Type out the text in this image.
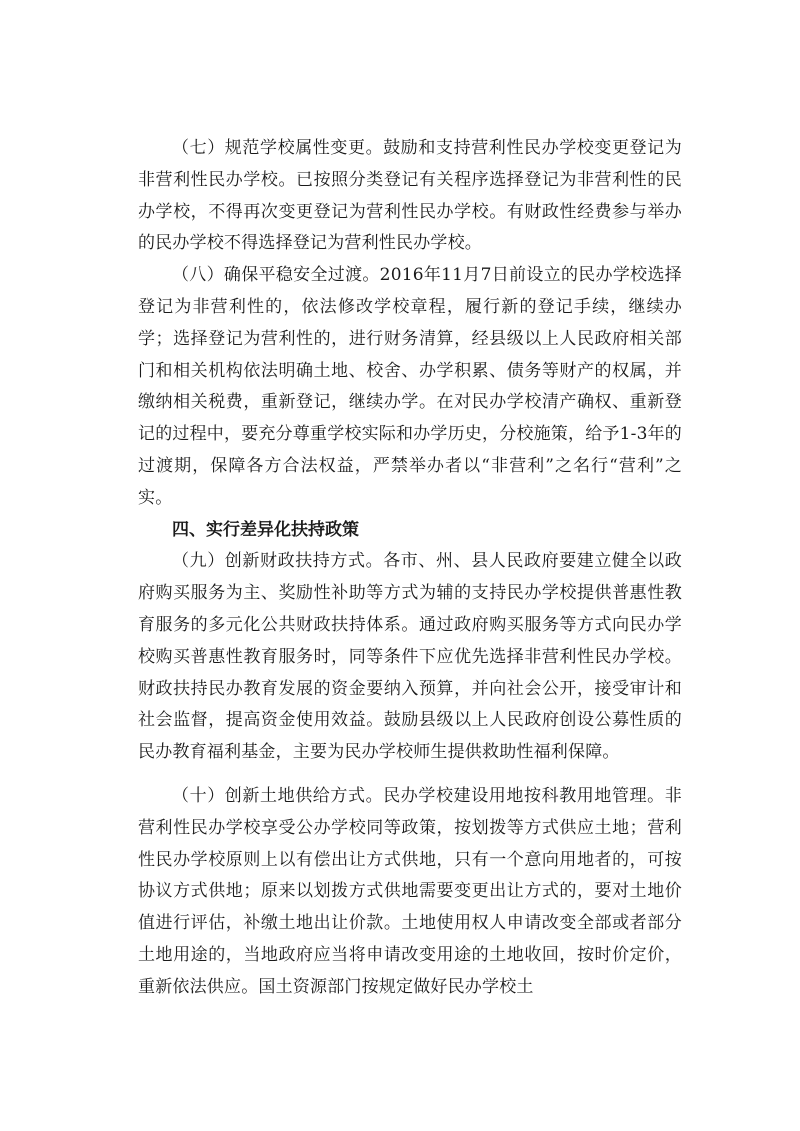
（七）规范学校属性变更。鼓励和支持营利性民办学校变更登记为非营利性民办学校。已按照分类登记有关程序选择登记为非营利性的民办学校，不得再次变更登记为营利性民办学校。有财政性经费参与举办的民办学校不得选择登记为营利性民办学校。

（八）确保平稳安全过渡。2016年11月7日前设立的民办学校选择登记为非营利性的，依法修改学校章程，履行新的登记手续，继续办学；选择登记为营利性的，进行财务清算，经县级以上人民政府相关部门和相关机构依法明确土地、校舍、办学积累、债务等财产的权属，并缴纳相关税费，重新登记，继续办学。在对民办学校清产确权、重新登记的过程中，要充分尊重学校实际和办学历史，分校施策，给予1-3年的过渡期，保障各方合法权益，严禁举办者以“非营利”之名行“营利”之实。

四、实行差异化扶持政策

（九）创新财政扶持方式。各市、州、县人民政府要建立健全以政府购买服务为主、奖励性补助等方式为辅的支持民办学校提供普惠性教育服务的多元化公共财政扶持体系。通过政府购买服务等方式向民办学校购买普惠性教育服务时，同等条件下应优先选择非营利性民办学校。财政扶持民办教育发展的资金要纳入预算，并向社会公开，接受审计和社会监督，提高资金使用效益。鼓励县级以上人民政府创设公募性质的民办教育福利基金，主要为民办学校师生提供救助性福利保障。

（十）创新土地供给方式。民办学校建设用地按科教用地管理。非营利性民办学校享受公办学校同等政策，按划拨等方式供应土地；营利性民办学校原则上以有偿出让方式供地，只有一个意向用地者的，可按协议方式供地；原来以划拨方式供地需要变更出让方式的，要对土地价值进行评估，补缴土地出让价款。土地使用权人申请改变全部或者部分土地用途的，当地政府应当将申请改变用途的土地收回，按时价定价，重新依法供应。国土资源部门按规定做好民办学校土
